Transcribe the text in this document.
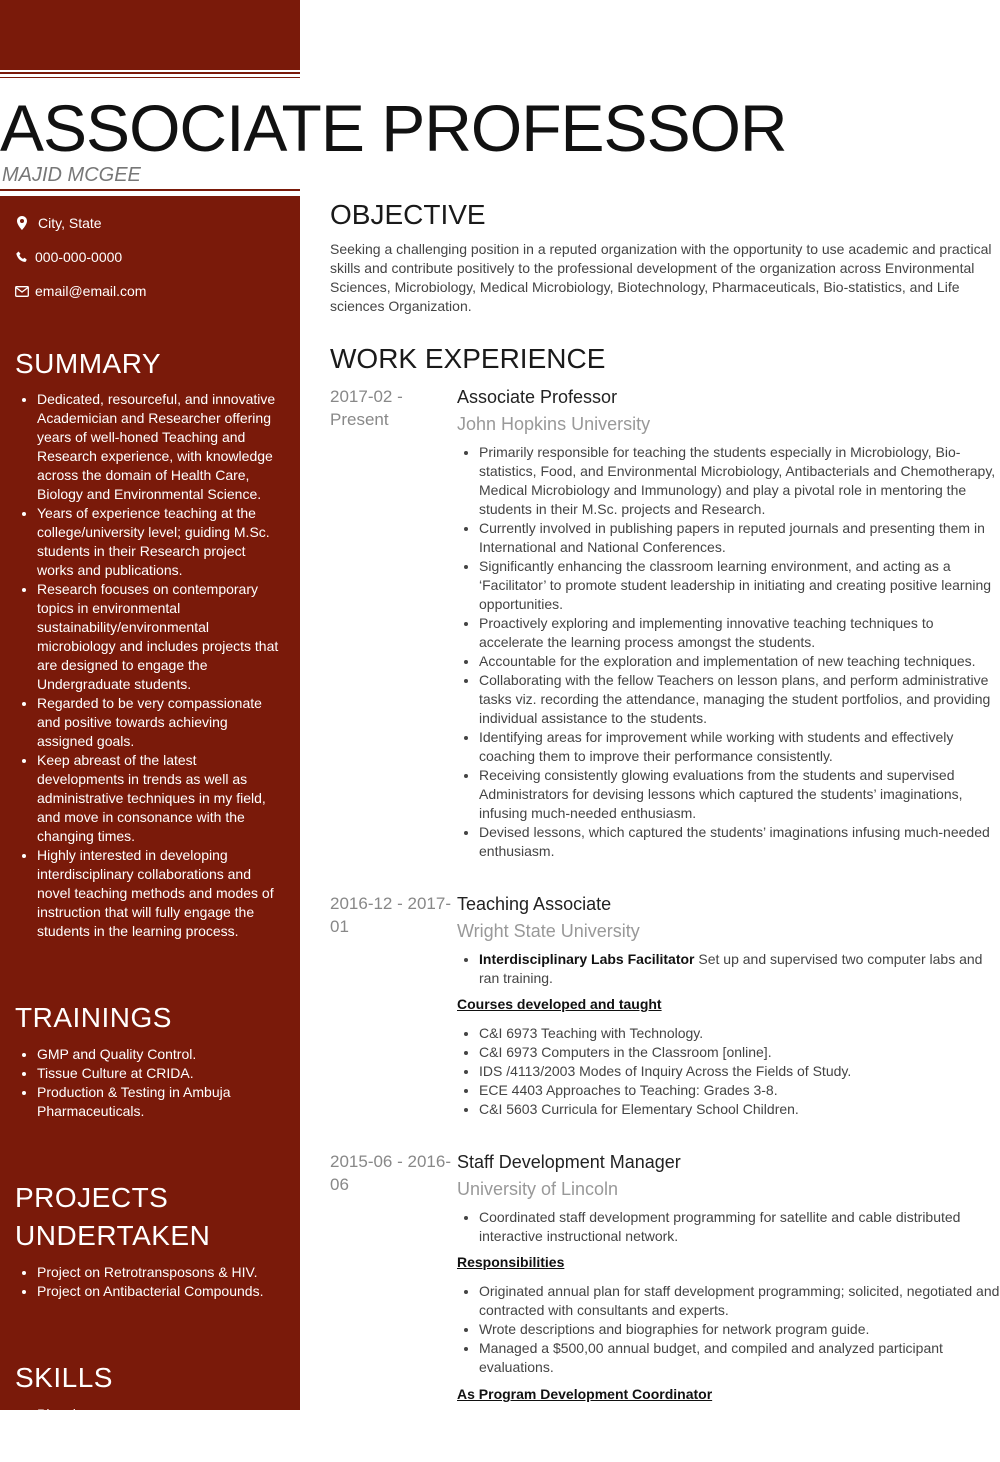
ASSOCIATE PROFESSOR
MAJID MCGEE
City, State
000-000-0000
email@email.com
SUMMARY
• Dedicated, resourceful, and innovative Academician and Researcher offering years of well-honed Teaching and Research experience, with knowledge across the domain of Health Care, Biology and Environmental Science.
• Years of experience teaching at the college/university level; guiding M.Sc. students in their Research project works and publications.
• Research focuses on contemporary topics in environmental sustainability/environmental microbiology and includes projects that are designed to engage the Undergraduate students.
• Regarded to be very compassionate and positive towards achieving assigned goals.
• Keep abreast of the latest developments in trends as well as administrative techniques in my field, and move in consonance with the changing times.
• Highly interested in developing interdisciplinary collaborations and novel teaching methods and modes of instruction that will fully engage the students in the learning process.
TRAININGS
• GMP and Quality Control.
• Tissue Culture at CRIDA.
• Production & Testing in Ambuja Pharmaceuticals.
PROJECTS
UNDERTAKEN
• Project on Retrotransposons & HIV.
• Project on Antibacterial Compounds.
SKILLS
• Planning
• Supervision
• Instruction
OBJECTIVE

Seeking a challenging position in a reputed organization with the opportunity to use academic and practical skills and contribute positively to the professional development of the organization across Environmental Sciences, Microbiology, Medical Microbiology, Biotechnology, Pharmaceuticals, Bio-statistics, and Life sciences Organization.

WORK EXPERIENCE
2017-02 - Present
Associate Professor
John Hopkins University
• Primarily responsible for teaching the students especially in Microbiology, Bio-statistics, Food, and Environmental Microbiology, Antibacterials and Chemotherapy, Medical Microbiology and Immunology) and play a pivotal role in mentoring the students in their M.Sc. projects and Research.
• Currently involved in publishing papers in reputed journals and presenting them in International and National Conferences.
• Significantly enhancing the classroom learning environment, and acting as a ‘Facilitator’ to promote student leadership in initiating and creating positive learning opportunities.
• Proactively exploring and implementing innovative teaching techniques to accelerate the learning process amongst the students.
• Accountable for the exploration and implementation of new teaching techniques.
• Collaborating with the fellow Teachers on lesson plans, and perform administrative tasks viz. recording the attendance, managing the student portfolios, and providing individual assistance to the students.
• Identifying areas for improvement while working with students and effectively coaching them to improve their performance consistently.
• Receiving consistently glowing evaluations from the students and supervised Administrators for devising lessons which captured the students’ imaginations, infusing much-needed enthusiasm.
• Devised lessons, which captured the students’ imaginations infusing much-needed enthusiasm.
2016-12 - 2017-01
Teaching Associate
Wright State University
• Interdisciplinary Labs Facilitator Set up and supervised two computer labs and ran training.

Courses developed and taught

• C&I 6973 Teaching with Technology.
• C&I 6973 Computers in the Classroom [online].
• IDS /4113/2003 Modes of Inquiry Across the Fields of Study.
• ECE 4403 Approaches to Teaching: Grades 3-8.
• C&I 5603 Curricula for Elementary School Children.
2015-06 - 2016-06
Staff Development Manager
University of Lincoln
• Coordinated staff development programming for satellite and cable distributed interactive instructional network.

Responsibilities

• Originated annual plan for staff development programming; solicited, negotiated and contracted with consultants and experts.
• Wrote descriptions and biographies for network program guide.
• Managed a $500,00 annual budget, and compiled and analyzed participant evaluations.

As Program Development Coordinator
